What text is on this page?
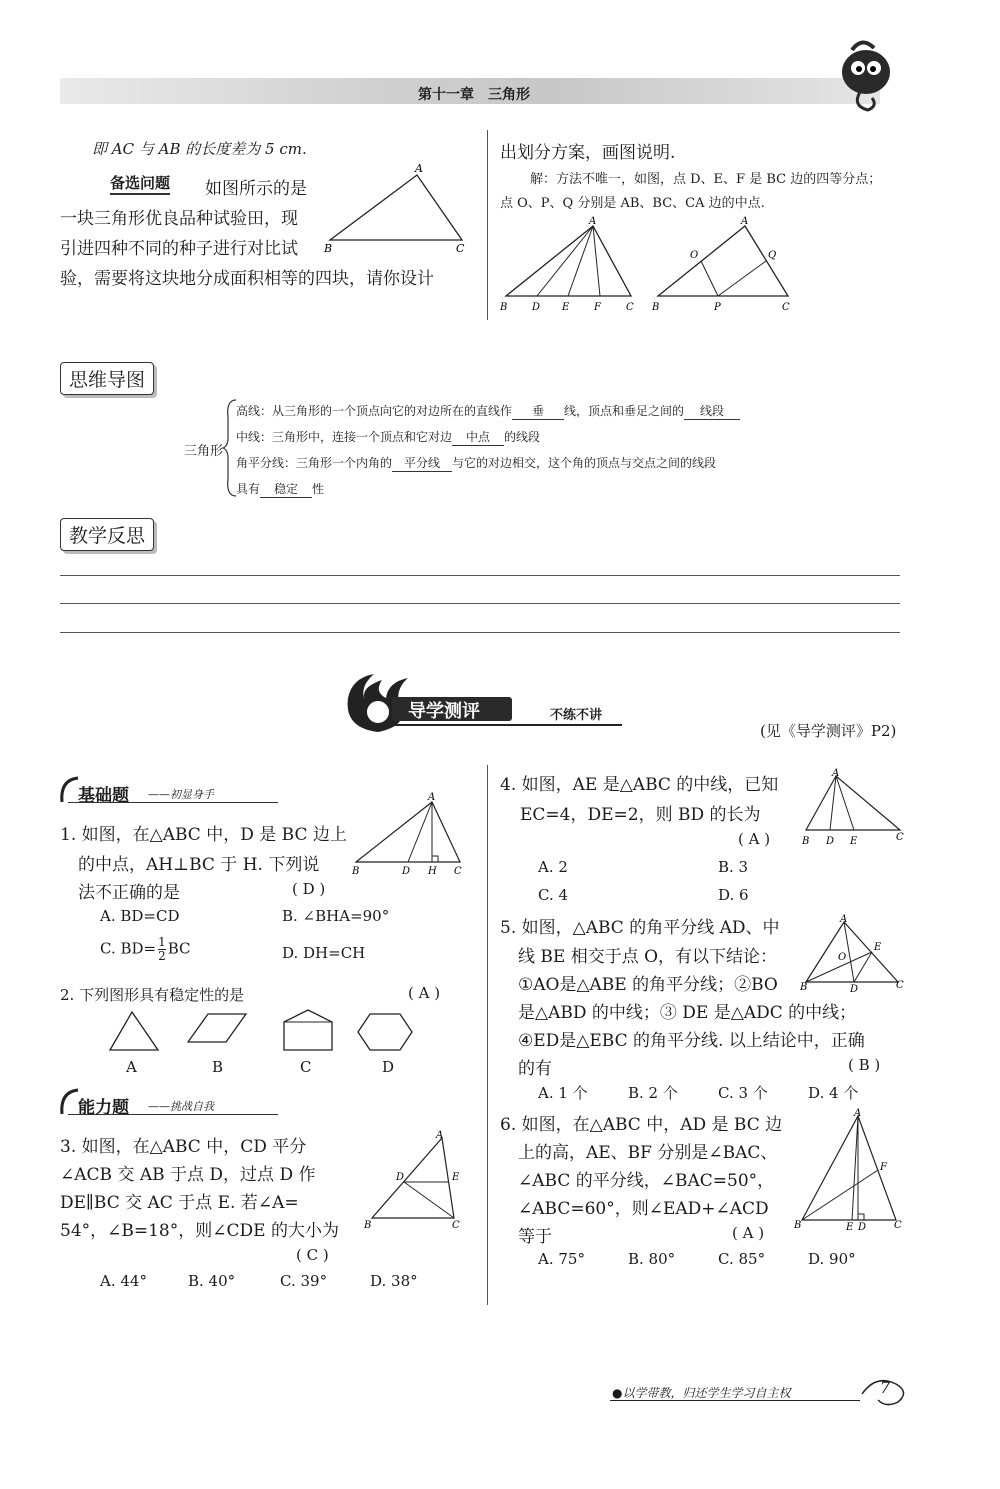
第十一章　三角形
即 AC 与 AB 的长度差为 5 cm.
备选问题 如图所示的是
一块三角形优良品种试验田，现
引进四种不同的种子进行对比试
验，需要将这块地分成面积相等的四块，请你设计
A
B	C
出划分方案，画图说明.
解：方法不唯一，如图，点 D、E、F 是 BC 边的四等分点；
点 O、P、Q 分别是 AB、BC、CA 边的中点.
A
B D E F	C
A
O	Q
B	P	C
思维导图
三角形
高线：从三角形的一个顶点向它的对边所在的直线作 垂 线，顶点和垂足之间的 线段
中线：三角形中，连接一个顶点和它对边 中点 的线段
角平分线：三角形一个内角的 平分线 与它的对边相交，这个角的顶点与交点之间的线段
具有 稳定 性
教学反思
导学测评	不练不讲
(见《导学测评》P2)
基础题 ——初显身手
1. 如图，在△ABC 中，D 是 BC 边上
的中点，AH⊥BC 于 H. 下列说
法不正确的是	( D )
A
B	D H C
A. BD=CD	B. ∠BHA=90°
C. $BD= \frac{1}{2}$ BC	D. DH=CH
2. 下列图形具有稳定性的是	( A )
A	B	C	D
能力题 ——挑战自我
3. 如图，在△ABC 中，CD 平分
∠ACB 交 AB 于点 D，过点 D 作
DE∥BC 交 AC 于点 E. 若∠A=
54°，∠B=18°，则∠CDE 的大小为
( C )
A
D	E
B	C
A. 44°	B. 40°	C. 39°	D. 38°
4. 如图，AE 是△ABC 的中线，已知
EC=4，DE=2，则 BD 的长为
( A )
A
B D E	C
A. 2	B. 3
C. 4	D. 6
5. 如图，△ABC 的角平分线 AD、中
线 BE 相交于点 O，有以下结论：
①AO是△ABE 的角平分线；②BO
是△ABD 的中线；③ DE 是△ADC 的中线；
④ED是△EBC 的角平分线. 以上结论中，正确
的有	( B )
A
E
O
B	D	C
A. 1 个	B. 2 个	C. 3 个	D. 4 个
6. 如图，在△ABC 中，AD 是 BC 边
上的高，AE、BF 分别是∠BAC、
∠ABC 的平分线，∠BAC=50°，
∠ABC=60°，则∠EAD+∠ACD
等于	( A )
A
F
B	E D	C
A. 75°	B. 80°	C. 85°	D. 90°
●以学带教，归还学生学习自主权	7
